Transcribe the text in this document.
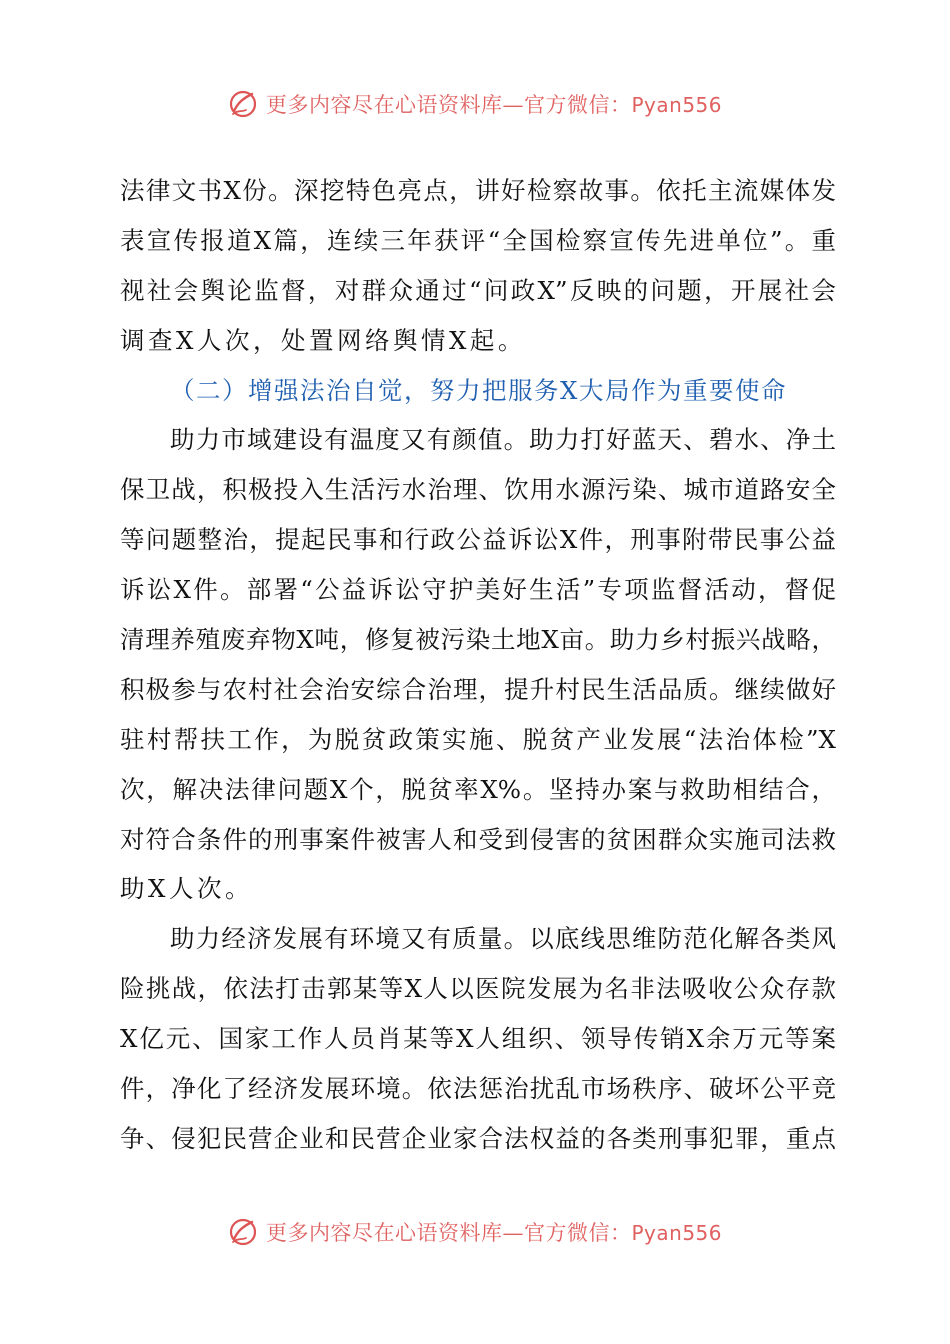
更多内容尽在心语资料库—官方微信：Pyan556
法律文书X份。深挖特色亮点，讲好检察故事。依托主流媒体发
表宣传报道X篇，连续三年获评“全国检察宣传先进单位”。重
视社会舆论监督，对群众通过“问政X”反映的问题，开展社会
调查X人次，处置网络舆情X起。
（二）增强法治自觉，努力把服务X大局作为重要使命
助力市域建设有温度又有颜值。助力打好蓝天、碧水、净土
保卫战，积极投入生活污水治理、饮用水源污染、城市道路安全
等问题整治，提起民事和行政公益诉讼X件，刑事附带民事公益
诉讼X件。部署“公益诉讼守护美好生活”专项监督活动，督促
清理养殖废弃物X吨，修复被污染土地X亩。助力乡村振兴战略，
积极参与农村社会治安综合治理，提升村民生活品质。继续做好
驻村帮扶工作，为脱贫政策实施、脱贫产业发展“法治体检”X
次，解决法律问题X个，脱贫率X%。坚持办案与救助相结合，
对符合条件的刑事案件被害人和受到侵害的贫困群众实施司法救
助X人次。
助力经济发展有环境又有质量。以底线思维防范化解各类风
险挑战，依法打击郭某等X人以医院发展为名非法吸收公众存款
X亿元、国家工作人员肖某等X人组织、领导传销X余万元等案
件，净化了经济发展环境。依法惩治扰乱市场秩序、破坏公平竞
争、侵犯民营企业和民营企业家合法权益的各类刑事犯罪，重点
更多内容尽在心语资料库—官方微信：Pyan556
